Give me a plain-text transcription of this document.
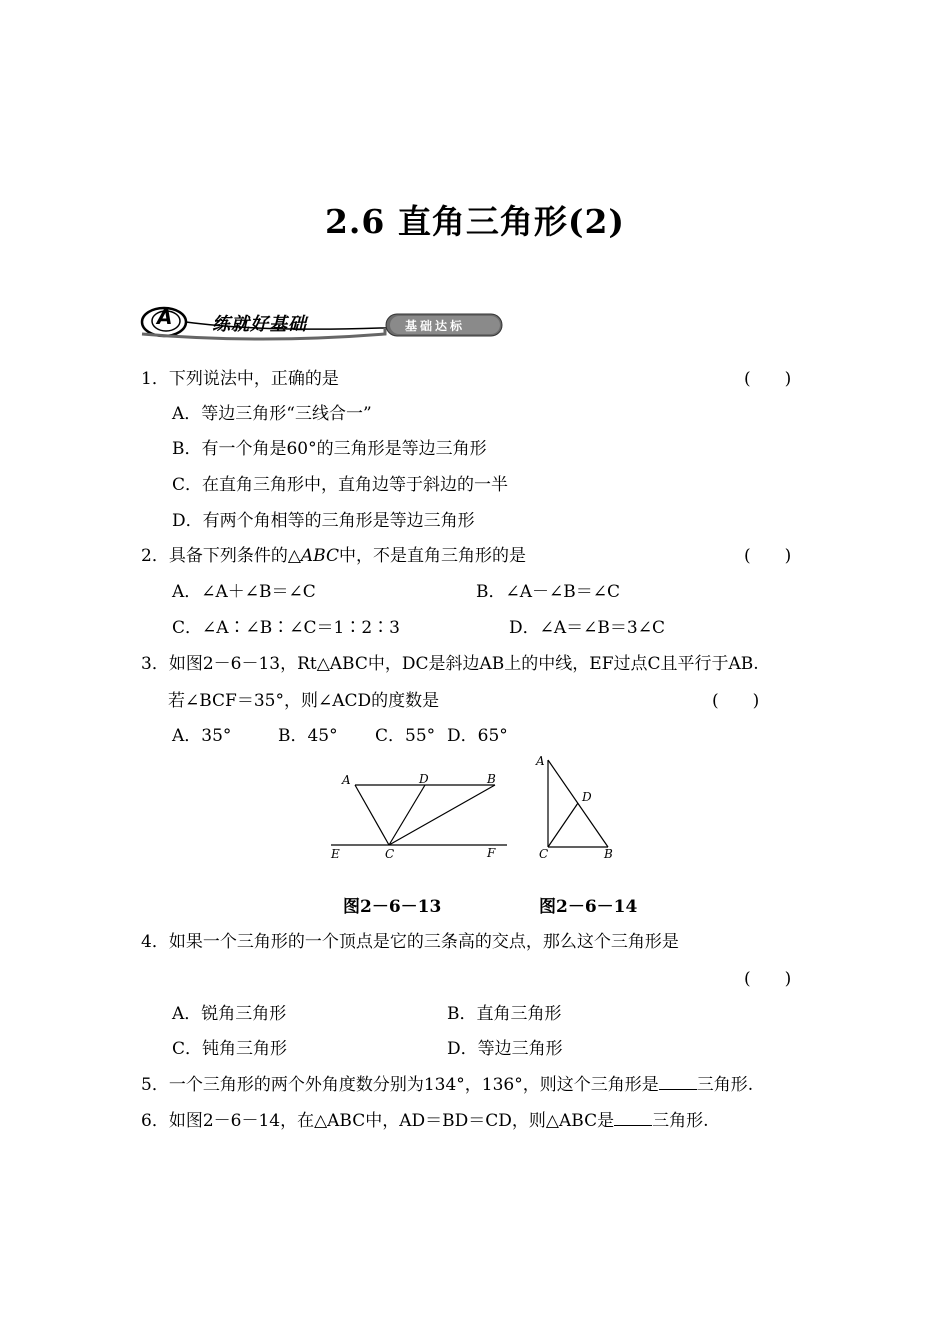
2.6 直角三角形(2)
A 练就好基础	基础达标
1．下列说法中，正确的是	(　　)
A．等边三角形“三线合一”
B．有一个角是60°的三角形是等边三角形
C．在直角三角形中，直角边等于斜边的一半
D．有两个角相等的三角形是等边三角形
2．具备下列条件的△ABC中，不是直角三角形的是	(　　)
A．∠A＋∠B＝∠C	B．∠A－∠B＝∠C
C．∠A∶∠B∶∠C＝1∶2∶3	D．∠A＝∠B＝3∠C
3．如图2－6－13，Rt△ABC中，DC是斜边AB上的中线，EF过点C且平行于AB.
若∠BCF＝35°，则∠ACD的度数是	(　　)
A．35°	B．45° C．55° D．65°
A	D	B
E	C	F
A
D
C	B
图2－6－13	图2－6－14
4．如果一个三角形的一个顶点是它的三条高的交点，那么这个三角形是
(　　)
A．锐角三角形	B．直角三角形
C．钝角三角形	D．等边三角形
5．一个三角形的两个外角度数分别为134°，136°，则这个三角形是 三角形.
6．如图2－6－14，在△ABC中，AD＝BD＝CD，则△ABC是 三角形.
